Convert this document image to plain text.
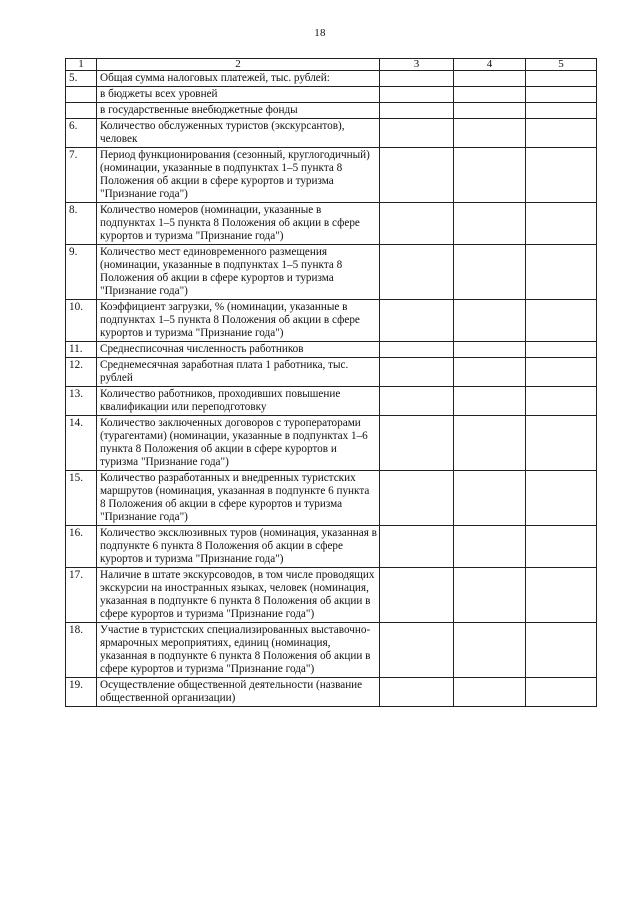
18
1	2	3	4	5
5.	Общая сумма налоговых платежей, тыс. рублей:			
	в бюджеты всех уровней			
	в государственные внебюджетные фонды			
6.	Количество обслуженных туристов (экскурсантов), человек			
7.	Период функционирования (сезонный, круглогодичный) (номинации, указанные в подпунктах 1–5 пункта 8 Положения об акции в сфере курортов и туризма "Признание года")			
8.	Количество номеров (номинации, указанные в подпунктах 1–5 пункта 8 Положения об акции в сфере курортов и туризма "Признание года")			
9.	Количество мест единовременного размещения (номинации, указанные в подпунктах 1–5 пункта 8 Положения об акции в сфере курортов и туризма "Признание года")			
10.	Коэффициент загрузки, % (номинации, указанные в подпунктах 1–5 пункта 8 Положения об акции в сфере курортов и туризма "Признание года")			
11.	Среднесписочная численность работников			
12.	Среднемесячная заработная плата 1 работника, тыс. рублей			
13.	Количество работников, проходивших повышение квалификации или переподготовку			
14.	Количество заключенных договоров с туроператорами (турагентами) (номинации, указанные в подпунктах 1–6 пункта 8 Положения об акции в сфере курортов и туризма "Признание года")			
15.	Количество разработанных и внедренных туристских маршрутов (номинация, указанная в подпункте 6 пункта 8 Положения об акции в сфере курортов и туризма "Признание года")			
16.	Количество эксклюзивных туров (номинация, указанная в подпункте 6 пункта 8 Положения об акции в сфере курортов и туризма "Признание года")			
17.	Наличие в штате экскурсоводов, в том числе проводящих экскурсии на иностранных языках, человек (номинация, указанная в подпункте 6 пункта 8 Положения об акции в сфере курортов и туризма "Признание года")			
18.	Участие в туристских специализированных выставочно-ярмарочных мероприятиях, единиц (номинация, указанная в подпункте 6 пункта 8 Положения об акции в сфере курортов и туризма "Признание года")			
19.	Осуществление общественной деятельности (название общественной организации)			
